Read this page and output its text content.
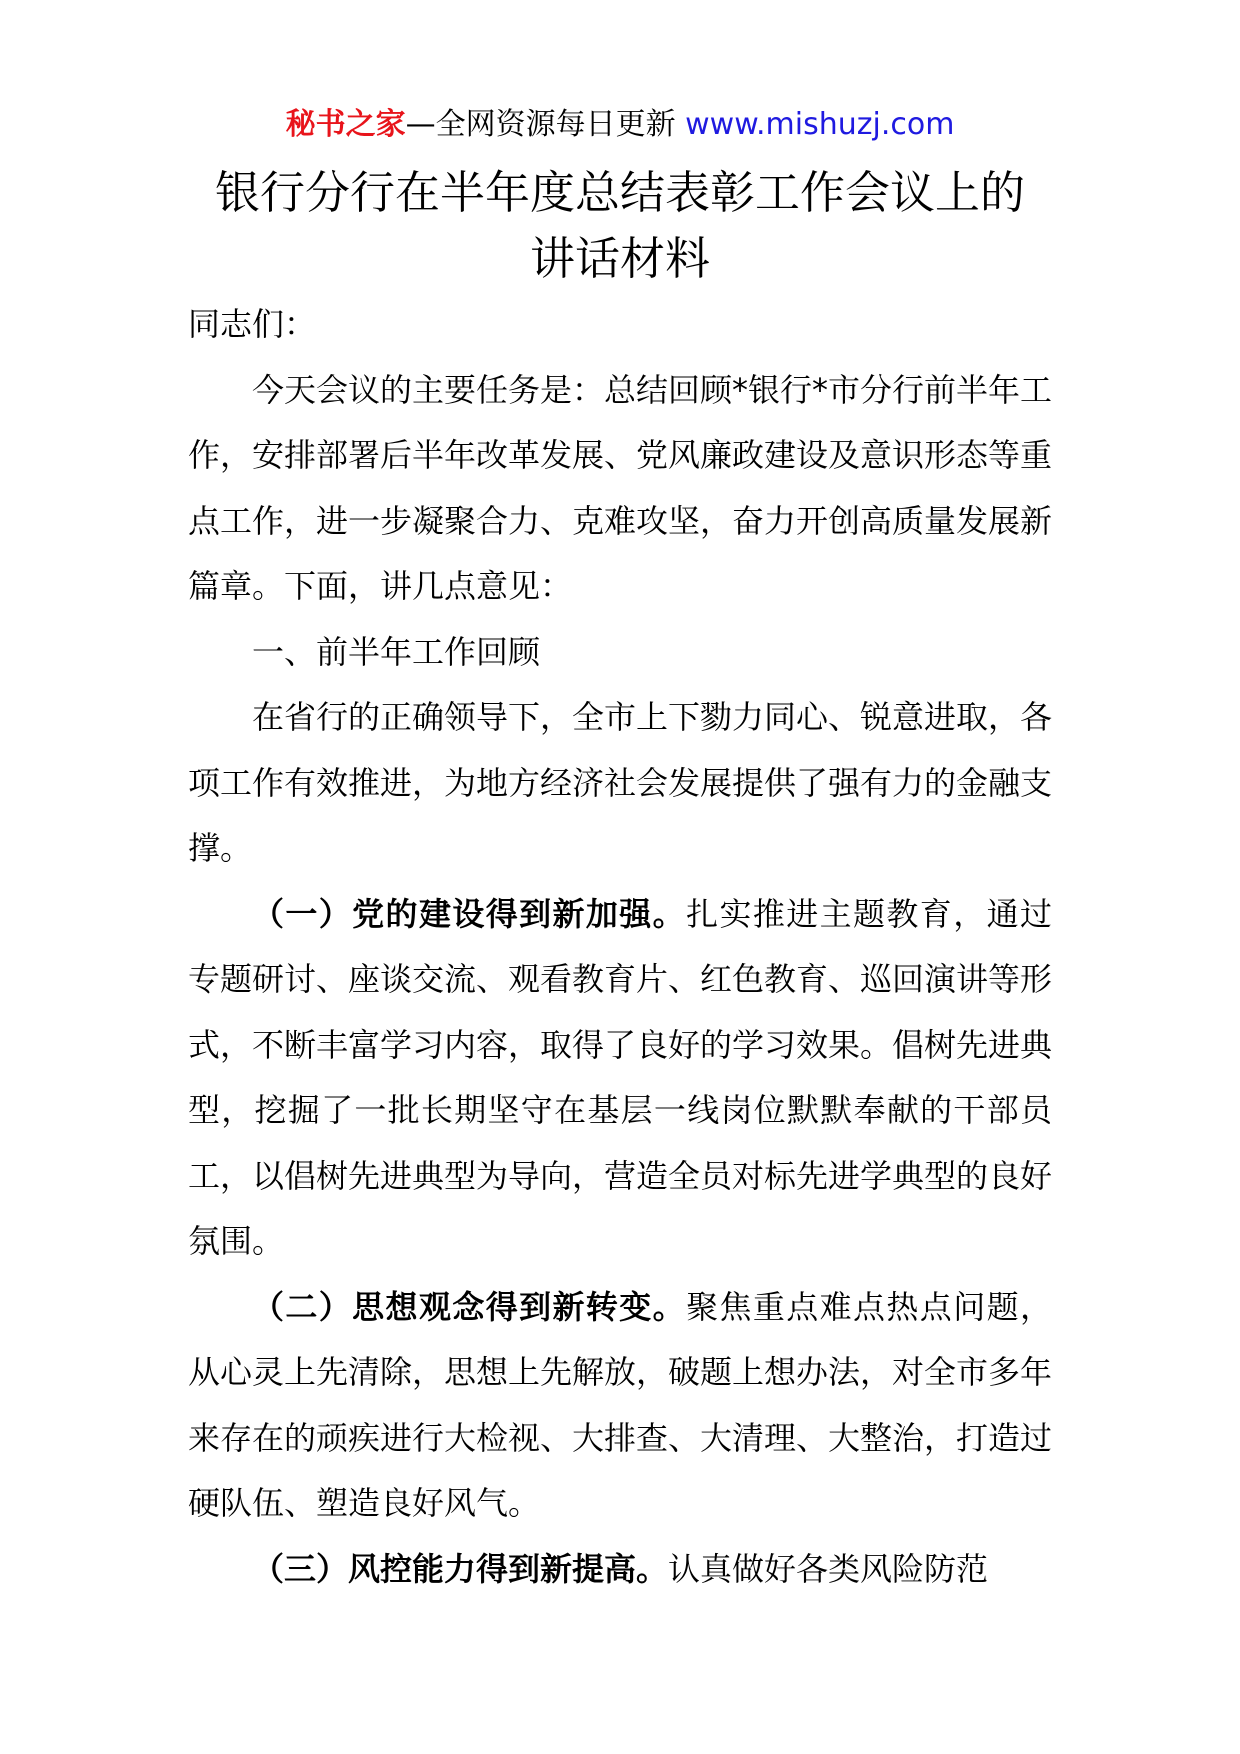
秘书之家—全网资源每日更新 www.mishuzj.com
银行分行在半年度总结表彰工作会议上的
讲话材料

同志们：

今天会议的主要任务是：总结回顾*银行*市分行前半年工作，安排部署后半年改革发展、党风廉政建设及意识形态等重点工作，进一步凝聚合力、克难攻坚，奋力开创高质量发展新篇章。下面，讲几点意见：

一、前半年工作回顾

在省行的正确领导下，全市上下勠力同心、锐意进取，各项工作有效推进，为地方经济社会发展提供了强有力的金融支撑。

（一）党的建设得到新加强。扎实推进主题教育，通过专题研讨、座谈交流、观看教育片、红色教育、巡回演讲等形式，不断丰富学习内容，取得了良好的学习效果。倡树先进典型，挖掘了一批长期坚守在基层一线岗位默默奉献的干部员工，以倡树先进典型为导向，营造全员对标先进学典型的良好氛围。

（二）思想观念得到新转变。聚焦重点难点热点问题，从心灵上先清除，思想上先解放，破题上想办法，对全市多年来存在的顽疾进行大检视、大排查、大清理、大整治，打造过硬队伍、塑造良好风气。

（三）风控能力得到新提高。认真做好各类风险防范
